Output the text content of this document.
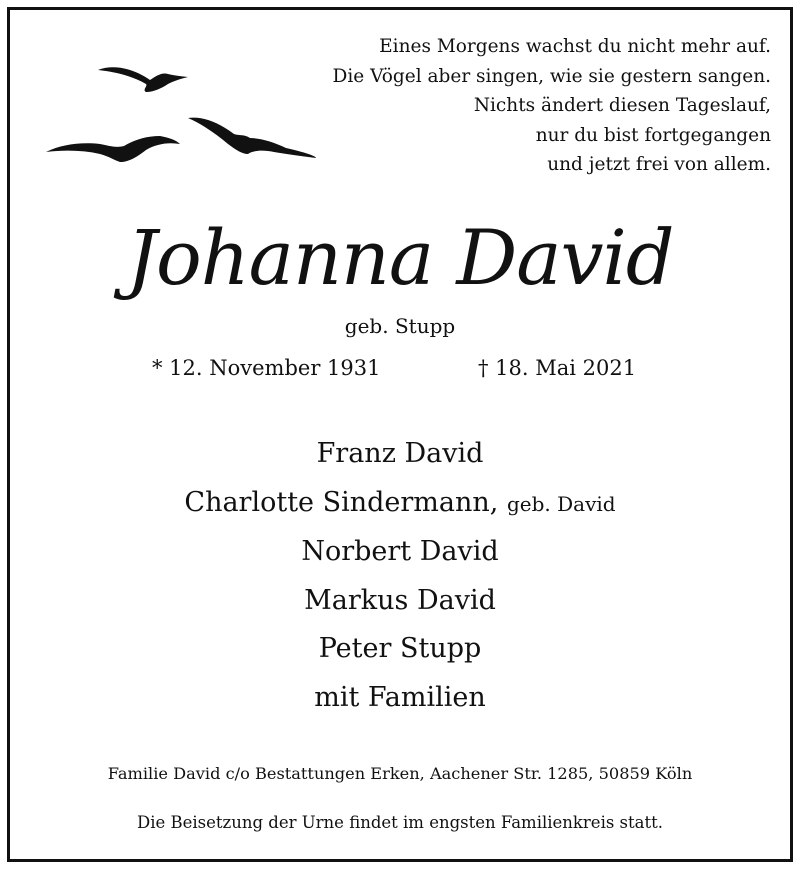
Eines Morgens wachst du nicht mehr auf.
Die Vögel aber singen, wie sie gestern sangen.
Nichts ändert diesen Tageslauf,
nur du bist fortgegangen
und jetzt frei von allem.
Johanna David
geb. Stupp
* 12. November 1931	† 18. Mai 2021
Franz David
Charlotte Sindermann, geb. David
Norbert David
Markus David
Peter Stupp
mit Familien
Familie David c/o Bestattungen Erken, Aachener Str. 1285, 50859 Köln
Die Beisetzung der Urne findet im engsten Familienkreis statt.
